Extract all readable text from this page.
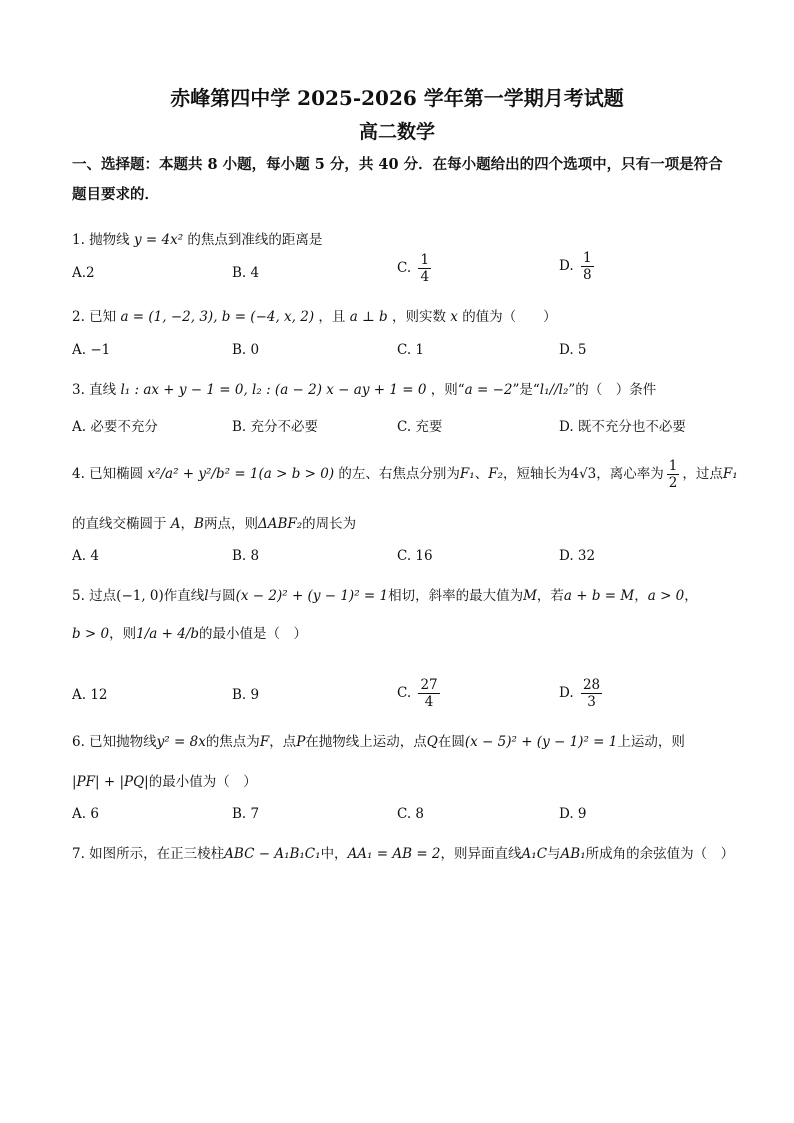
赤峰第四中学 2025-2026 学年第一学期月考试题
高二数学
一、选择题：本题共 8 小题，每小题 5 分，共 40 分．在每小题给出的四个选项中，只有一项是符合题目要求的．
1. 抛物线 y = 4x² 的焦点到准线的距离是
A.2	B. 4	C. $\frac{1}{4}$	D. $\frac{1}{8}$
2. 已知 a = (1, −2, 3), b = (−4, x, 2) ，且 a ⊥ b ，则实数 x 的值为（　　）
A. −1	B. 0	C. 1	D. 5
3. 直线 l₁ : ax + y − 1 = 0, l₂ : (a − 2) x − ay + 1 = 0 ，则“a = −2”是“l₁//l₂”的（　）条件
A. 必要不充分	B. 充分不必要	C. 充要	D. 既不充分也不必要
4. 已知椭圆 x²/a² + y²/b² = 1(a > b > 0) 的左、右焦点分别为F₁、F₂，短轴长为4√3，离心率为 $\frac{1}{2}$ ，过点F₁
的直线交椭圆于 A，B两点，则ΔABF₂的周长为
A. 4	B. 8	C. 16	D. 32
5. 过点(−1, 0)作直线l与圆(x − 2)² + (y − 1)² = 1相切，斜率的最大值为M，若a + b = M，a > 0，
b > 0，则1/a + 4/b的最小值是（　）
A. 12	B. 9	C. $\frac{27}{4}$	D. $\frac{28}{3}$
6. 已知抛物线y² = 8x的焦点为F，点P在抛物线上运动，点Q在圆(x − 5)² + (y − 1)² = 1上运动，则
|PF| + |PQ|的最小值为（　）
A. 6	B. 7	C. 8	D. 9
7. 如图所示，在正三棱柱ABC − A₁B₁C₁中，AA₁ = AB = 2，则异面直线A₁C与AB₁所成角的余弦值为（　）
